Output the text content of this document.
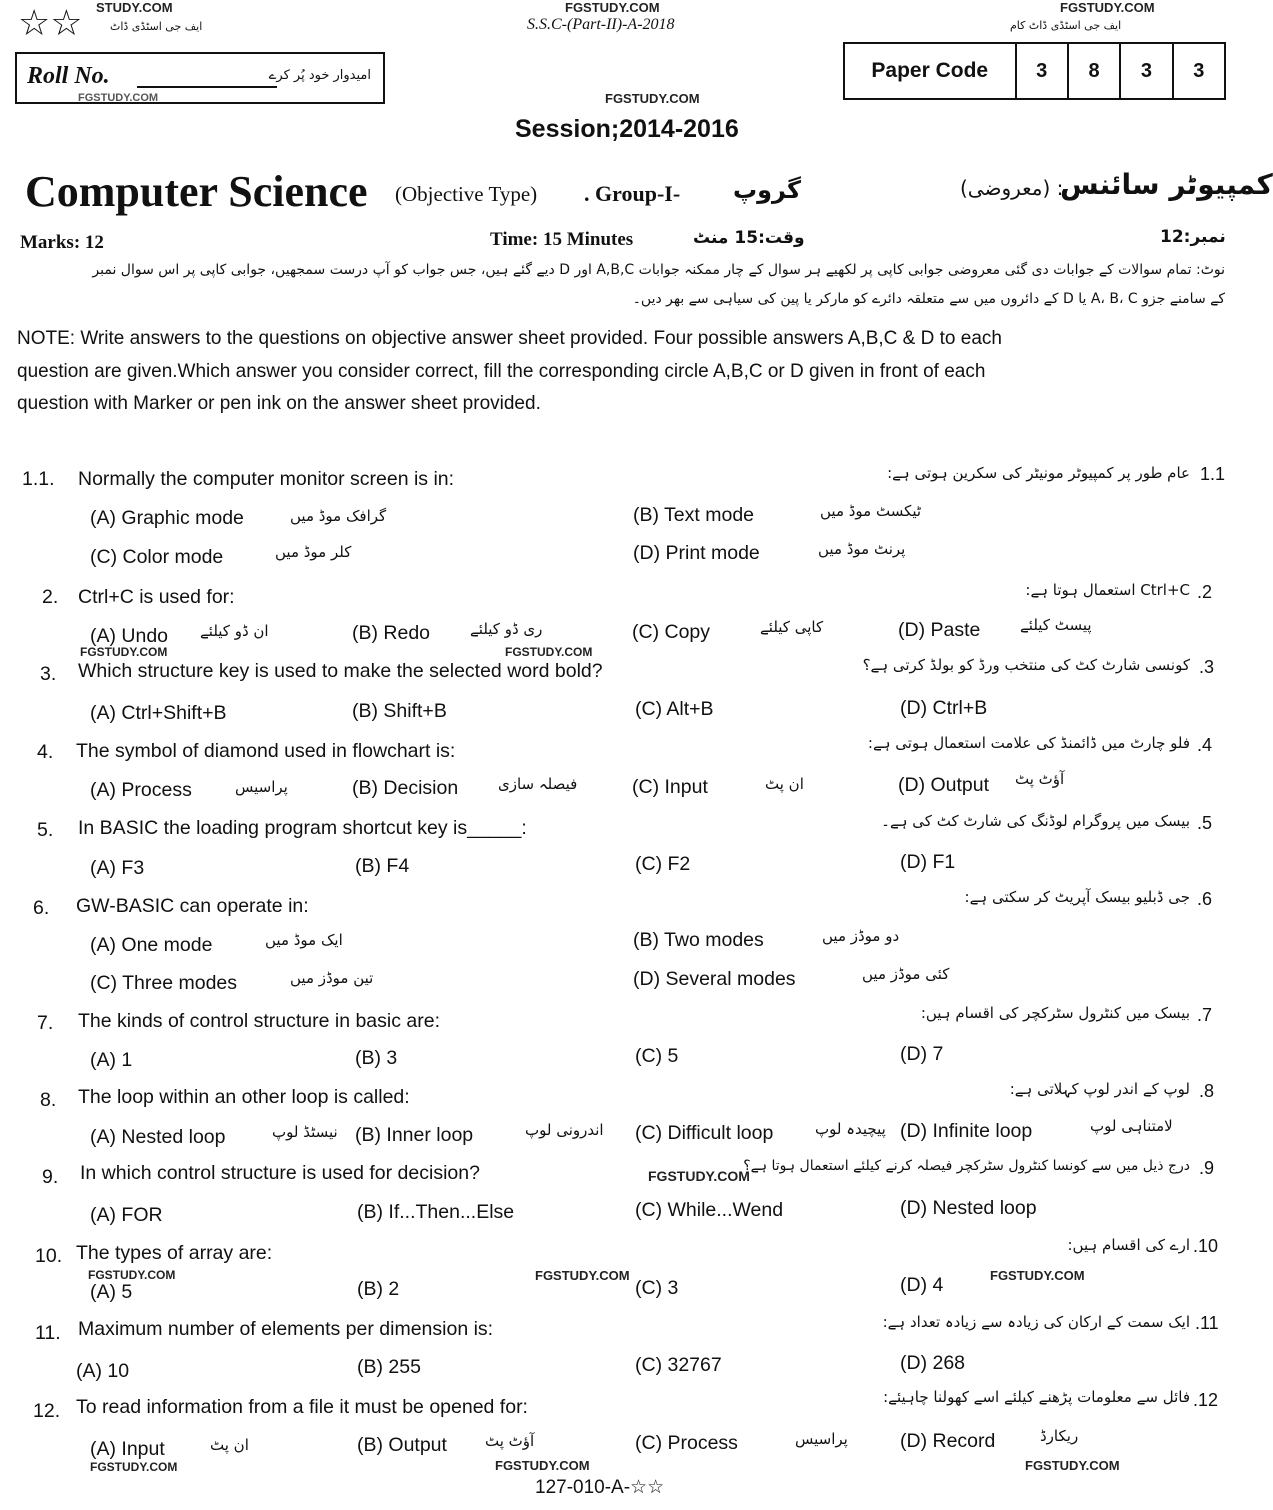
☆☆ STUDY.COM
ایف جی اسٹڈی ڈاٹ
FGSTUDY.COM
S.S.C-(Part-II)-A-2018
FGSTUDY.COM
ایف جی اسٹڈی ڈاٹ کام
Roll No.	امیدوار خود پُر کرے
FGSTUDY.COM
Paper Code	3	8	3	3
FGSTUDY.COM
Session;2014-2016
Computer Science (Objective Type) . Group-I- گروپ	: (معروضی)
کمپیوٹر سائنس
Marks: 12	Time: 15 Minutes	وقت:15 منٹ	نمبر:12
نوٹ: تمام سوالات کے جوابات دی گئی معروضی جوابی کاپی پر لکھیے ہر سوال کے چار ممکنہ جوابات A,B,C اور D دیے گئے ہیں، جس جواب کو آپ درست سمجھیں، جوابی کاپی پر اس سوال نمبر
کے سامنے جزو A، B، C یا D کے دائروں میں سے متعلقہ دائرے کو مارکر یا پین کی سیاہی سے بھر دیں۔
NOTE: Write answers to the questions on objective answer sheet provided. Four possible answers A,B,C & D to each
question are given.Which answer you consider correct, fill the corresponding circle A,B,C or D given in front of each
question with Marker or pen ink on the answer sheet provided.
1.1. Normally the computer monitor screen is in:	عام طور پر کمپیوٹر مونیٹر کی سکرین ہوتی ہے: 1.1
(A) Graphic mode	گرافک موڈ میں	(B) Text mode	ٹیکسٹ موڈ میں
(C) Color mode	کلر موڈ میں	(D) Print mode	پرنٹ موڈ میں
2. Ctrl+C is used for:	Ctrl+C استعمال ہوتا ہے: .2
(A) Undo ان ڈو کیلئے	(B) Redo	ری ڈو کیلئے	(C) Copy	کاپی کیلئے	(D) Paste	پیسٹ کیلئے
FGSTUDY.COM	FGSTUDY.COM
3. Which structure key is used to make the selected word bold?	کونسی شارٹ کٹ کی منتخب ورڈ کو بولڈ کرتی ہے؟ .3
(A) Ctrl+Shift+B	(B) Shift+B	(C) Alt+B	(D) Ctrl+B
4. The symbol of diamond used in flowchart is:	فلو چارٹ میں ڈائمنڈ کی علامت استعمال ہوتی ہے: .4
(A) Process	پراسیس	(B) Decision	فیصلہ سازی	(C) Input	ان پٹ	(D) Output آؤٹ پٹ
5. In BASIC the loading program shortcut key is_____:	بیسک میں پروگرام لوڈنگ کی شارٹ کٹ کی ہے۔ .5
(A) F3	(B) F4	(C) F2	(D) F1
6. GW-BASIC can operate in:	جی ڈبلیو بیسک آپریٹ کر سکتی ہے: .6
(A) One mode	ایک موڈ میں	(B) Two modes	دو موڈز میں
(C) Three modes	تین موڈز میں	(D) Several modes	کئی موڈز میں
7. The kinds of control structure in basic are:	بیسک میں کنٹرول سٹرکچر کی اقسام ہیں: .7
(A) 1	(B) 3	(C) 5	(D) 7
8. The loop within an other loop is called:	لوپ کے اندر لوپ کہلاتی ہے: .8
(A) Nested loop	نیسٹڈ لوپ (B) Inner loop	اندرونی لوپ (C) Difficult loop	پیچیدہ لوپ (D) Infinite loop	لامتناہی لوپ
9. In which control structure is used for decision?	FGSTUDY.COM
درج ذیل میں سے کونسا کنٹرول سٹرکچر فیصلہ کرنے کیلئے استعمال ہوتا ہے؟ .9
(A) FOR	(B) If...Then...Else	(C) While...Wend	(D) Nested loop
10. The types of array are:	ارے کی اقسام ہیں: .10
FGSTUDY.COM	FGSTUDY.COM	FGSTUDY.COM
(A) 5	(B) 2	(C) 3	(D) 4
11. Maximum number of elements per dimension is:	ایک سمت کے ارکان کی زیادہ سے زیادہ تعداد ہے: .11
(A) 10	(B) 255	(C) 32767	(D) 268
12. To read information from a file it must be opened for:	فائل سے معلومات پڑھنے کیلئے اسے کھولنا چاہیئے: .12
(A) Input	ان پٹ	(B) Output	آؤٹ پٹ	(C) Process	پراسیس	(D) Record	ریکارڈ
FGSTUDY.COM	FGSTUDY.COM	FGSTUDY.COM
127-010-A-☆☆
